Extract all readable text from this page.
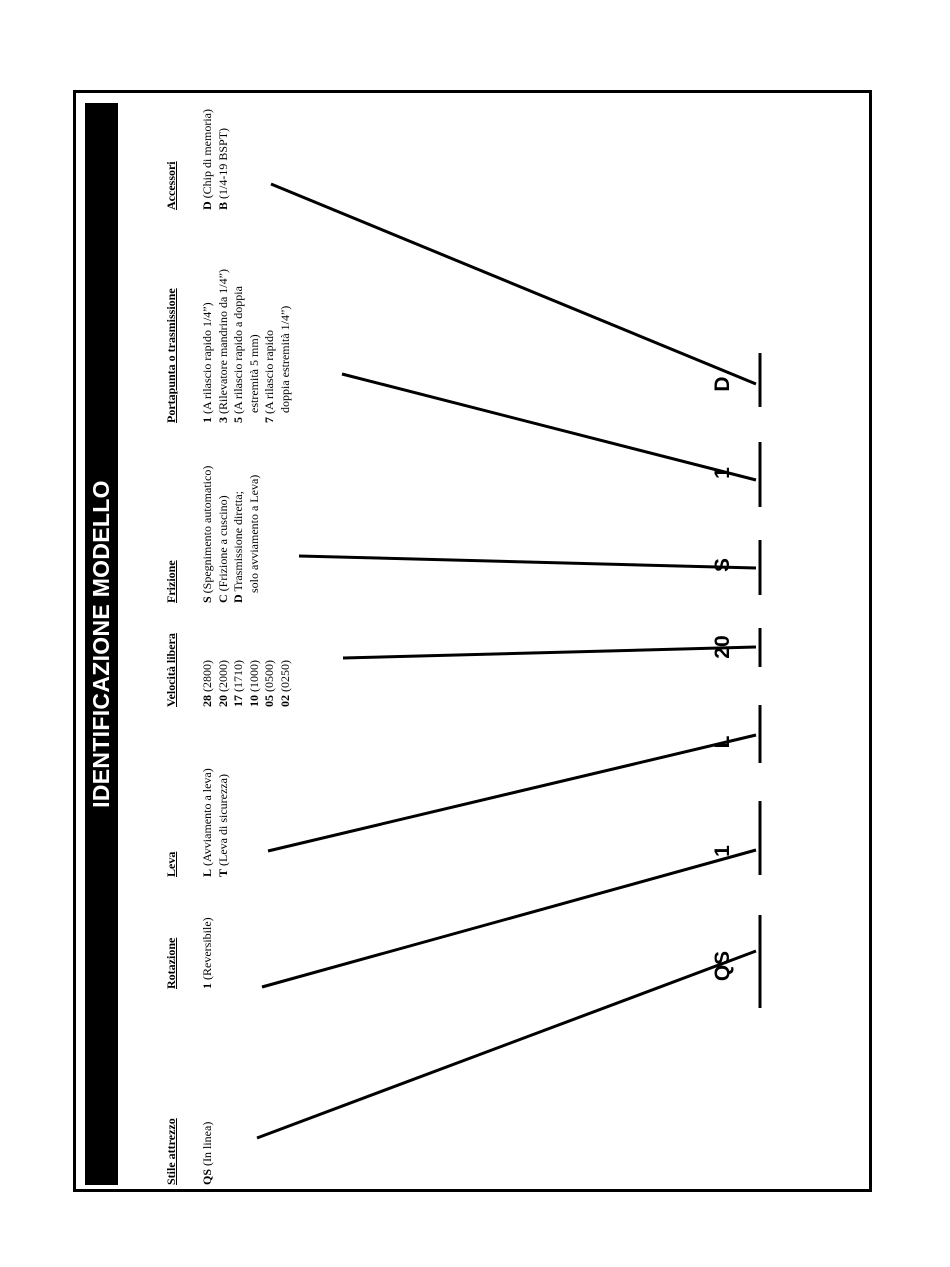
IDENTIFICAZIONE MODELLO
Stile attrezzo
Rotazione
Leva
Velocità libera
Frizione
Portapunta o trasmissione
Accessori
QS (In linea)
1 (Reversibile)
L (Avviamento a leva)
T (Leva di sicurezza)
28 (2800)
20 (2000)
17 (1710)
10 (1000)
05 (0500)
02 (0250)
S (Spegnimento automatico)
C (Frizione a cuscino)
D Trasmissione diretta; solo avviamento a Leva)
1 (A rilascio rapido 1/4”)
3 (Rilevatore mandrino da 1/4”)
5 (A rilascio rapido a doppia estremità 5 mm)
7 (A rilascio rapido doppia estremità 1/4”)
D (Chip di memoria)
B (1/4-19 BSPT)
QS
1
L
20
S
1
D
